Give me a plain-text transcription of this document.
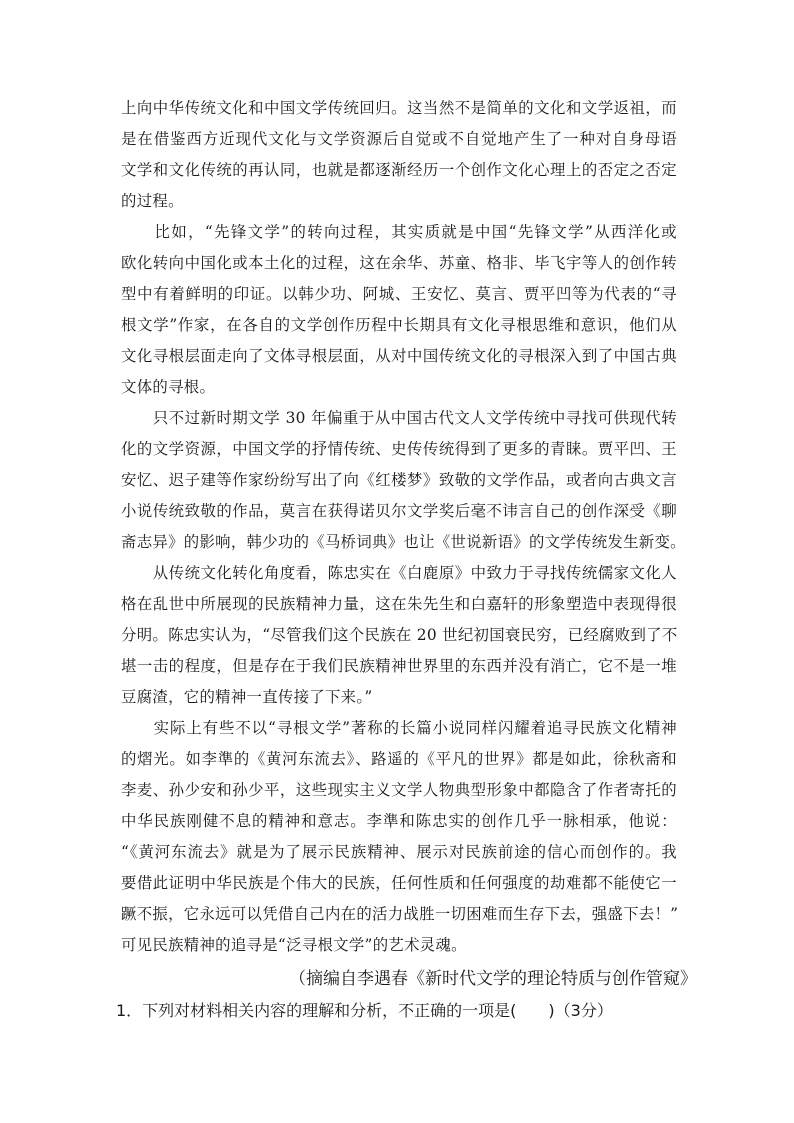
上向中华传统文化和中国文学传统回归。这当然不是简单的文化和文学返祖，而
是在借鉴西方近现代文化与文学资源后自觉或不自觉地产生了一种对自身母语
文学和文化传统的再认同，也就是都逐渐经历一个创作文化心理上的否定之否定
的过程。
　　比如，“先锋文学”的转向过程，其实质就是中国“先锋文学”从西洋化或
欧化转向中国化或本土化的过程，这在余华、苏童、格非、毕飞宇等人的创作转
型中有着鲜明的印证。以韩少功、阿城、王安忆、莫言、贾平凹等为代表的“寻
根文学”作家，在各自的文学创作历程中长期具有文化寻根思维和意识，他们从
文化寻根层面走向了文体寻根层面，从对中国传统文化的寻根深入到了中国古典
文体的寻根。
　　只不过新时期文学 30 年偏重于从中国古代文人文学传统中寻找可供现代转
化的文学资源，中国文学的抒情传统、史传传统得到了更多的青睐。贾平凹、王
安忆、迟子建等作家纷纷写出了向《红楼梦》致敬的文学作品，或者向古典文言
小说传统致敬的作品，莫言在获得诺贝尔文学奖后毫不讳言自己的创作深受《聊
斋志异》的影响，韩少功的《马桥词典》也让《世说新语》的文学传统发生新变。
　　从传统文化转化角度看，陈忠实在《白鹿原》中致力于寻找传统儒家文化人
格在乱世中所展现的民族精神力量，这在朱先生和白嘉轩的形象塑造中表现得很
分明。陈忠实认为，“尽管我们这个民族在 20 世纪初国衰民穷，已经腐败到了不
堪一击的程度，但是存在于我们民族精神世界里的东西并没有消亡，它不是一堆
豆腐渣，它的精神一直传接了下来。”
　　实际上有些不以“寻根文学”著称的长篇小说同样闪耀着追寻民族文化精神
的熠光。如李準的《黄河东流去》、路遥的《平凡的世界》都是如此，徐秋斋和
李麦、孙少安和孙少平，这些现实主义文学人物典型形象中都隐含了作者寄托的
中华民族刚健不息的精神和意志。李準和陈忠实的创作几乎一脉相承，他说：
“《黄河东流去》就是为了展示民族精神、展示对民族前途的信心而创作的。我
要借此证明中华民族是个伟大的民族，任何性质和任何强度的劫难都不能使它一
蹶不振，它永远可以凭借自己内在的活力战胜一切困难而生存下去，强盛下去！”
可见民族精神的追寻是“泛寻根文学”的艺术灵魂。
（摘编自李遇春《新时代文学的理论特质与创作管窥》
1．下列对材料相关内容的理解和分析，不正确的一项是(　　)（3分）
